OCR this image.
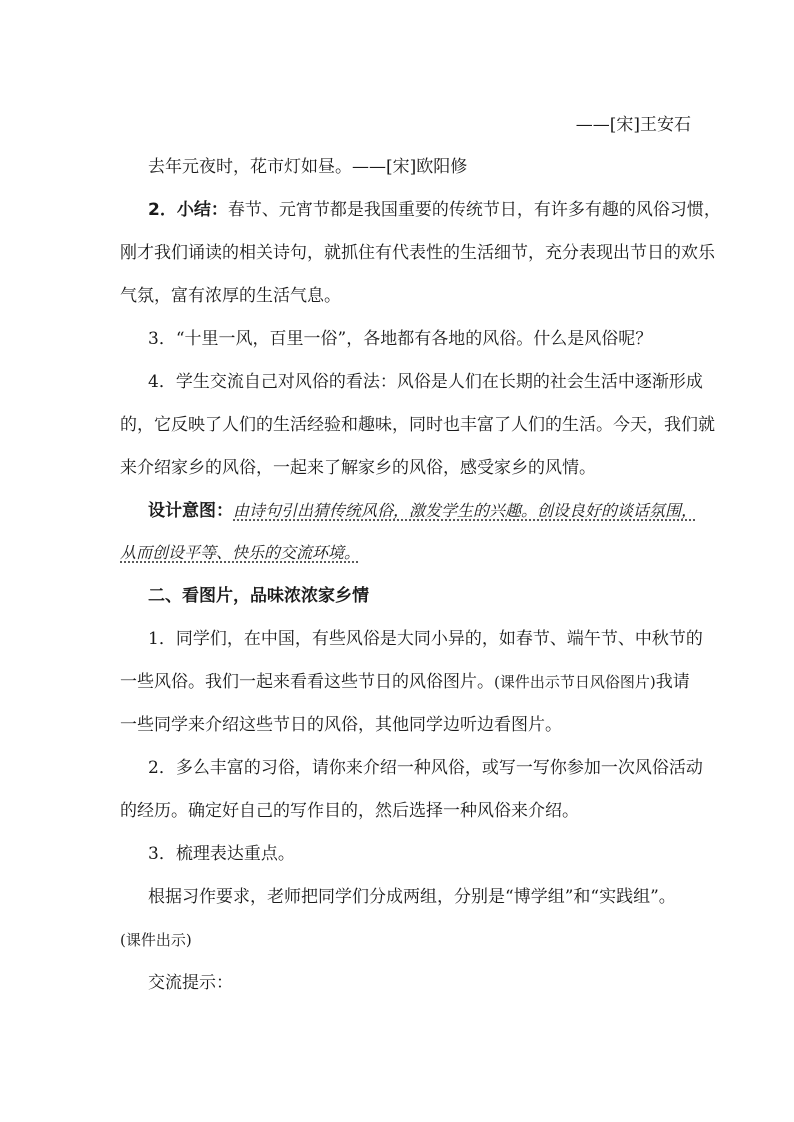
——[宋]王安石
去年元夜时，花市灯如昼。——[宋]欧阳修
2．小结：春节、元宵节都是我国重要的传统节日，有许多有趣的风俗习惯，
刚才我们诵读的相关诗句，就抓住有代表性的生活细节，充分表现出节日的欢乐
气氛，富有浓厚的生活气息。
3．“十里一风，百里一俗”，各地都有各地的风俗。什么是风俗呢？
4．学生交流自己对风俗的看法：风俗是人们在长期的社会生活中逐渐形成
的，它反映了人们的生活经验和趣味，同时也丰富了人们的生活。今天，我们就
来介绍家乡的风俗，一起来了解家乡的风俗，感受家乡的风情。
设计意图：由诗句引出猜传统风俗，激发学生的兴趣。创设良好的谈话氛围，
从而创设平等、快乐的交流环境。
二、看图片，品味浓浓家乡情
1．同学们，在中国，有些风俗是大同小异的，如春节、端午节、中秋节的
一些风俗。我们一起来看看这些节日的风俗图片。(课件出示节日风俗图片)我请
一些同学来介绍这些节日的风俗，其他同学边听边看图片。
2．多么丰富的习俗，请你来介绍一种风俗，或写一写你参加一次风俗活动
的经历。确定好自己的写作目的，然后选择一种风俗来介绍。
3．梳理表达重点。
根据习作要求，老师把同学们分成两组，分别是“博学组”和“实践组”。
(课件出示)
交流提示：
